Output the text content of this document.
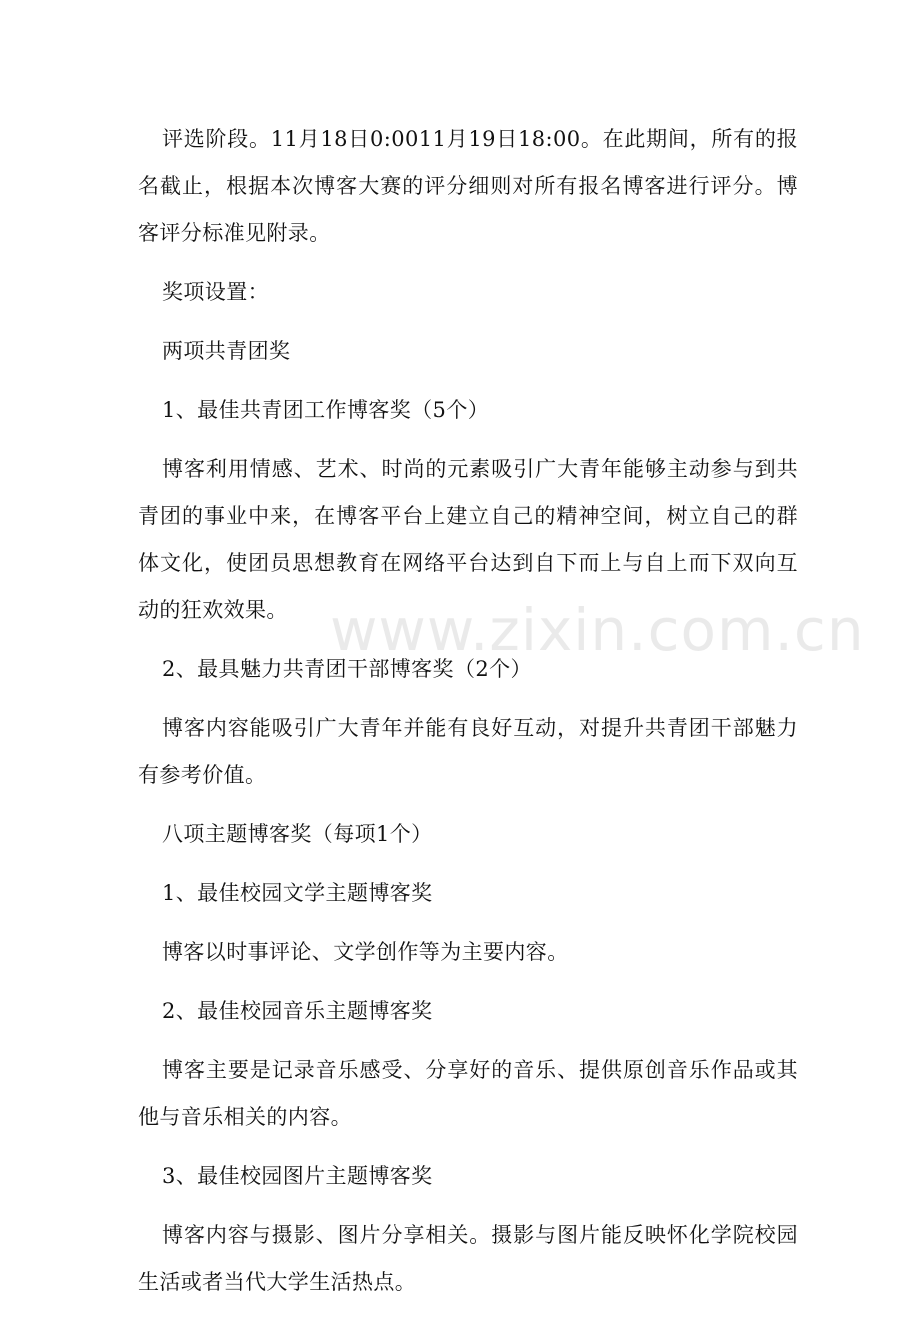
评选阶段。11月18日0:0011月19日18:00。在此期间，所有的报名截止，根据本次博客大赛的评分细则对所有报名博客进行评分。博客评分标准见附录。

奖项设置：

两项共青团奖

1、最佳共青团工作博客奖（5个）

博客利用情感、艺术、时尚的元素吸引广大青年能够主动参与到共青团的事业中来，在博客平台上建立自己的精神空间，树立自己的群体文化，使团员思想教育在网络平台达到自下而上与自上而下双向互动的狂欢效果。

2、最具魅力共青团干部博客奖（2个）

博客内容能吸引广大青年并能有良好互动，对提升共青团干部魅力有参考价值。

八项主题博客奖（每项1个）

1、最佳校园文学主题博客奖

博客以时事评论、文学创作等为主要内容。

2、最佳校园音乐主题博客奖

博客主要是记录音乐感受、分享好的音乐、提供原创音乐作品或其他与音乐相关的内容。

3、最佳校园图片主题博客奖

博客内容与摄影、图片分享相关。摄影与图片能反映怀化学院校园生活或者当代大学生活热点。

www.zixin.com.cn
